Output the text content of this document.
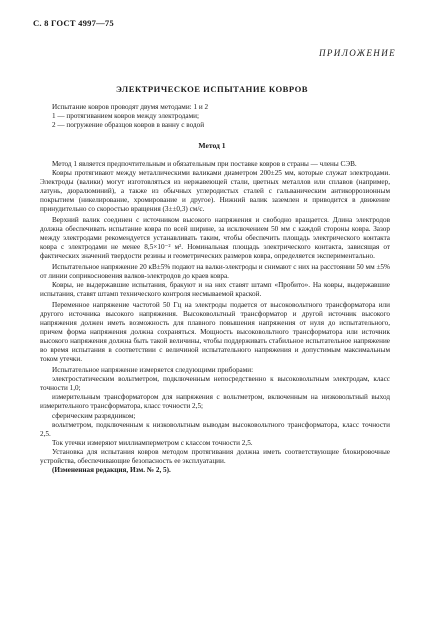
С. 8 ГОСТ 4997—75
ПРИЛОЖЕНИЕ
ЭЛЕКТРИЧЕСКОЕ ИСПЫТАНИЕ КОВРОВ

Испытание ковров проводят двумя методами: 1 и 2

1 — протягиванием ковров между электродами;

2 — погружение образцов ковров в ванну с водой

Метод 1

Метод 1 является предпочтительным и обязательным при поставке ковров в страны — члены СЭВ.

Ковры протягивают между металлическими валиками диаметром 200±25 мм, которые служат электродами. Электроды (валики) могут изготовляться из нержавеющей стали, цветных металлов или сплавов (например, латунь, дюралюминий), а также из обычных углеродистых сталей с гальваническим антикоррозионным покрытием (никелирование, хромирование и другое). Нижний валик заземлен и приводится в движение принудительно со скоростью вращения (3±±0,3) см/с.

Верхний валик соединен с источником высокого напряжения и свободно вращается. Длина электродов должна обеспечивать испытание ковра по всей ширине, за исключением 50 мм с каждой стороны ковра. Зазор между электродами рекомендуется устанавливать таким, чтобы обеспечить площадь электрического контакта ковра с электродами не менее 8,5×10⁻² м². Номинальная площадь электрического контакта, зависящая от фактических значений твердости резины и геометрических размеров ковра, определяется экспериментально.

Испытательное напряжение 20 кВ±5% подают на валки-электроды и снимают с них на расстоянии 50 мм ±5% от линии соприкосновения валков-электродов до краев ковра.

Ковры, не выдержавшие испытания, бракуют и на них ставят штамп «Пробито». На ковры, выдержавшие испытания, ставят штамп технического контроля несмываемой краской.

Переменное напряжение частотой 50 Гц на электроды подается от высоковольтного трансформатора или другого источника высокого напряжения. Высоковольтный трансформатор и другой источник высокого напряжения должен иметь возможность для плавного повышения напряжения от нуля до испытательного, причем форма напряжения должна сохраняться. Мощность высоковольтного трансформатора или источник высокого напряжения должна быть такой величины, чтобы поддерживать стабильное испытательное напряжение во время испытания в соответствии с величиной испытательного напряжения и допустимым максимальным током утечки.

Испытательное напряжение измеряется следующими приборами:

электростатическим вольтметром, подключенным непосредственно к высоковольтным электродам, класс точности 1,0;

измерительным трансформатором для напряжения с вольтметром, включенным на низковольтный выход измерительного трансформатора, класс точности 2,5;

сферическим разрядником;

вольтметром, подключенным к низковольтным выводам высоковольтного трансформатора, класс точности 2,5.

Ток утечки измеряют миллиамперметром с классом точности 2,5.

Установка для испытания ковров методом протягивания должна иметь соответствующие блокировочные устройства, обеспечивающие безопасность ее эксплуатации.

(Измененная редакция, Изм. № 2, 5).
